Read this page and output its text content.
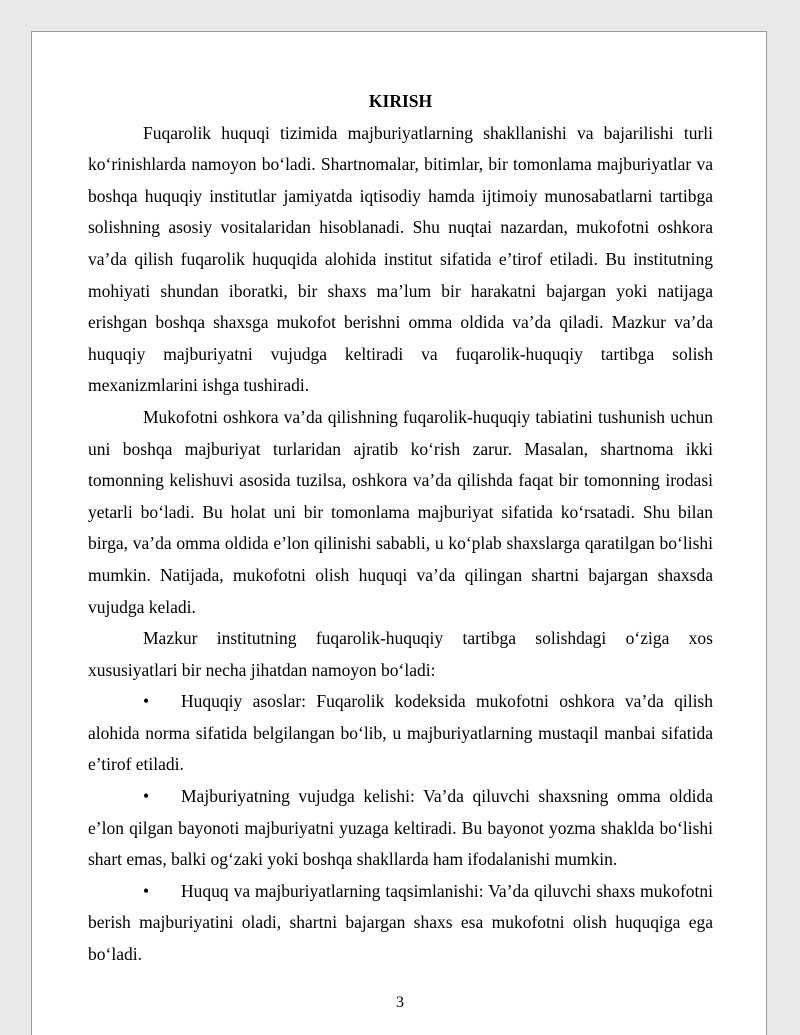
KIRISH

Fuqarolik huquqi tizimida majburiyatlarning shakllanishi va bajarilishi turli ko‘rinishlarda namoyon bo‘ladi. Shartnomalar, bitimlar, bir tomonlama majburiyatlar va boshqa huquqiy institutlar jamiyatda iqtisodiy hamda ijtimoiy munosabatlarni tartibga solishning asosiy vositalaridan hisoblanadi. Shu nuqtai nazardan, mukofotni oshkora va’da qilish fuqarolik huquqida alohida institut sifatida e’tirof etiladi. Bu institutning mohiyati shundan iboratki, bir shaxs ma’lum bir harakatni bajargan yoki natijaga erishgan boshqa shaxsga mukofot berishni omma oldida va’da qiladi. Mazkur va’da huquqiy majburiyatni vujudga keltiradi va fuqarolik-huquqiy tartibga solish mexanizmlarini ishga tushiradi.

Mukofotni oshkora va’da qilishning fuqarolik-huquqiy tabiatini tushunish uchun uni boshqa majburiyat turlaridan ajratib ko‘rish zarur. Masalan, shartnoma ikki tomonning kelishuvi asosida tuzilsa, oshkora va’da qilishda faqat bir tomonning irodasi yetarli bo‘ladi. Bu holat uni bir tomonlama majburiyat sifatida ko‘rsatadi. Shu bilan birga, va’da omma oldida e’lon qilinishi sababli, u ko‘plab shaxslarga qaratilgan bo‘lishi mumkin. Natijada, mukofotni olish huquqi va’da qilingan shartni bajargan shaxsda vujudga keladi.

Mazkur institutning fuqarolik-huquqiy tartibga solishdagi o‘ziga xos xususiyatlari bir necha jihatdan namoyon bo‘ladi:

• Huquqiy asoslar: Fuqarolik kodeksida mukofotni oshkora va’da qilish alohida norma sifatida belgilangan bo‘lib, u majburiyatlarning mustaqil manbai sifatida e’tirof etiladi.

• Majburiyatning vujudga kelishi: Va’da qiluvchi shaxsning omma oldida e’lon qilgan bayonoti majburiyatni yuzaga keltiradi. Bu bayonot yozma shaklda bo‘lishi shart emas, balki og‘zaki yoki boshqa shakllarda ham ifodalanishi mumkin.

• Huquq va majburiyatlarning taqsimlanishi: Va’da qiluvchi shaxs mukofotni berish majburiyatini oladi, shartni bajargan shaxs esa mukofotni olish huquqiga ega bo‘ladi.

3
